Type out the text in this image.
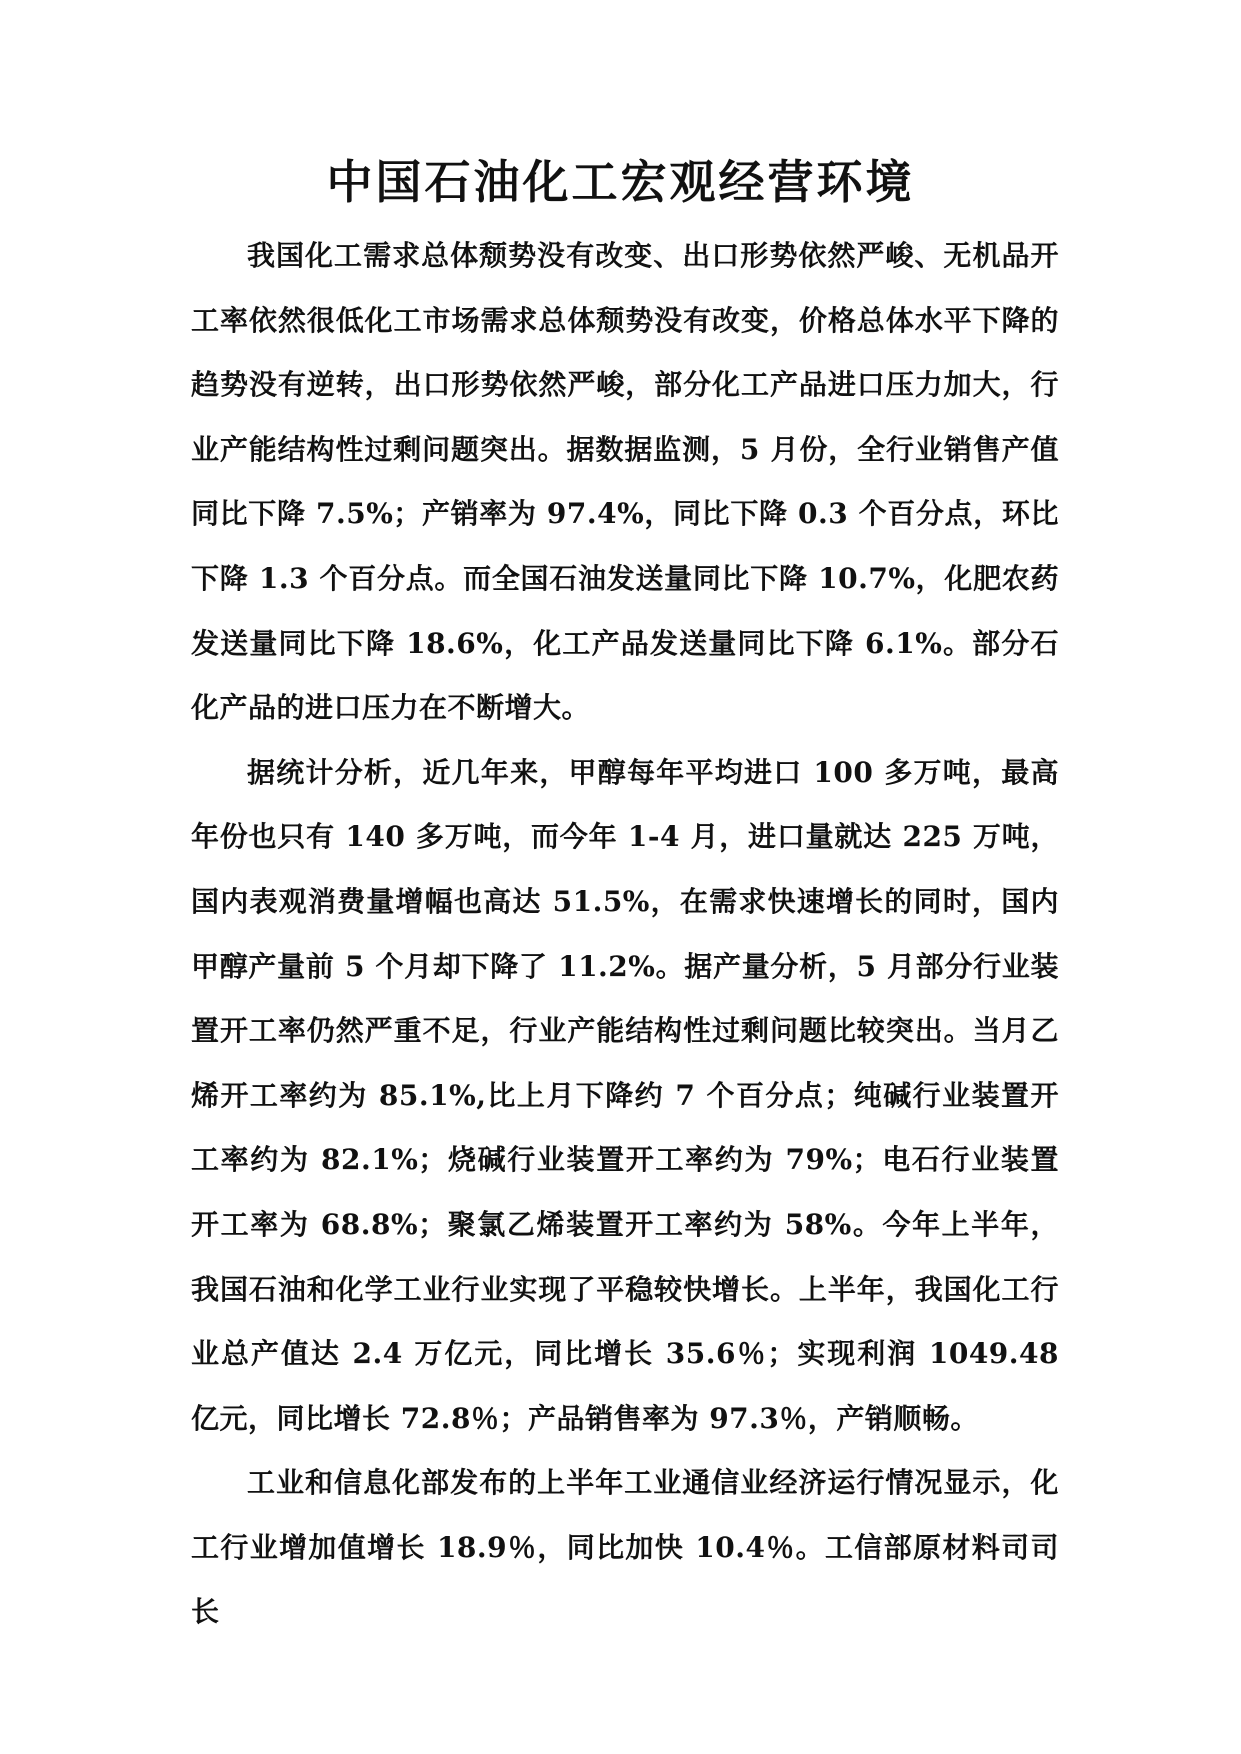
中国石油化工宏观经营环境

我国化工需求总体颓势没有改变、出口形势依然严峻、无机品开工率依然很低化工市场需求总体颓势没有改变，价格总体水平下降的趋势没有逆转，出口形势依然严峻，部分化工产品进口压力加大，行业产能结构性过剩问题突出。据数据监测，5 月份，全行业销售产值同比下降 7.5%；产销率为 97.4%，同比下降 0.3 个百分点，环比下降 1.3 个百分点。而全国石油发送量同比下降 10.7%，化肥农药发送量同比下降 18.6%，化工产品发送量同比下降 6.1%。部分石化产品的进口压力在不断增大。

据统计分析，近几年来，甲醇每年平均进口 100 多万吨，最高年份也只有 140 多万吨，而今年 1-4 月，进口量就达 225 万吨，国内表观消费量增幅也高达 51.5%，在需求快速增长的同时，国内甲醇产量前 5 个月却下降了 11.2%。据产量分析，5 月部分行业装置开工率仍然严重不足，行业产能结构性过剩问题比较突出。当月乙烯开工率约为 85.1%,比上月下降约 7 个百分点；纯碱行业装置开工率约为 82.1%；烧碱行业装置开工率约为 79%；电石行业装置开工率为 68.8%；聚氯乙烯装置开工率约为 58%。今年上半年，我国石油和化学工业行业实现了平稳较快增长。上半年，我国化工行业总产值达 2.4 万亿元，同比增长 35.6％；实现利润 1049.48 亿元，同比增长 72.8％；产品销售率为 97.3％，产销顺畅。

工业和信息化部发布的上半年工业通信业经济运行情况显示，化工行业增加值增长 18.9％，同比加快 10.4％。工信部原材料司司长
